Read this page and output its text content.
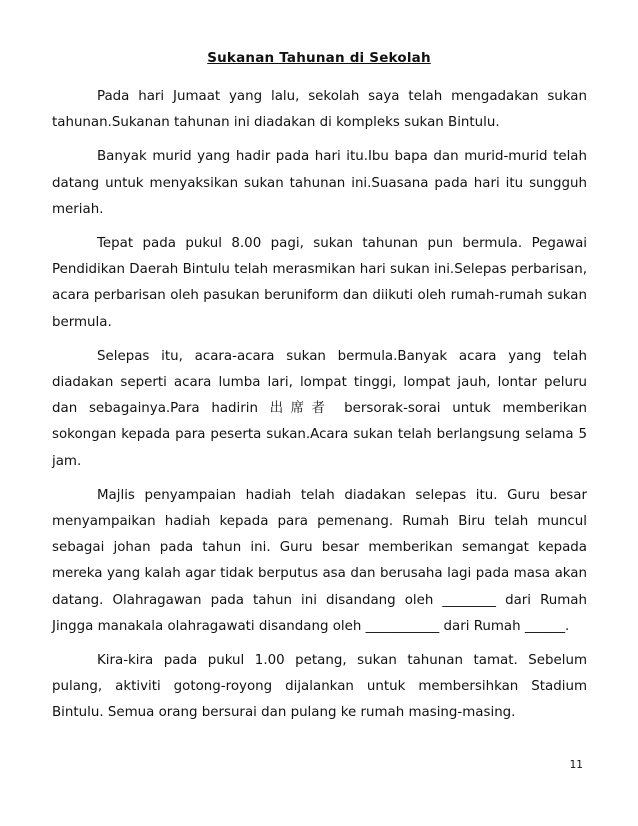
Sukanan Tahunan di Sekolah

Pada hari Jumaat yang lalu, sekolah saya telah mengadakan sukan tahunan.Sukanan tahunan ini diadakan di kompleks sukan Bintulu.

Banyak murid yang hadir pada hari itu.Ibu bapa dan murid-murid telah datang untuk menyaksikan sukan tahunan ini.Suasana pada hari itu sungguh meriah.

Tepat pada pukul 8.00 pagi, sukan tahunan pun bermula. Pegawai Pendidikan Daerah Bintulu telah merasmikan hari sukan ini.Selepas perbarisan, acara perbarisan oleh pasukan beruniform dan diikuti oleh rumah-rumah sukan bermula.

Selepas itu, acara-acara sukan bermula.Banyak acara yang telah diadakan seperti acara lumba lari, lompat tinggi, lompat jauh, lontar peluru dan sebagainya.Para hadirin 出席者 bersorak-sorai untuk memberikan sokongan kepada para peserta sukan.Acara sukan telah berlangsung selama 5 jam.

Majlis penyampaian hadiah telah diadakan selepas itu. Guru besar menyampaikan hadiah kepada para pemenang. Rumah Biru telah muncul sebagai johan pada tahun ini. Guru besar memberikan semangat kepada mereka yang kalah agar tidak berputus asa dan berusaha lagi pada masa akan datang. Olahragawan pada tahun ini disandang oleh ________ dari Rumah Jingga manakala olahragawati disandang oleh ___________ dari Rumah ______.

Kira-kira pada pukul 1.00 petang, sukan tahunan tamat. Sebelum pulang, aktiviti gotong-royong dijalankan untuk membersihkan Stadium Bintulu. Semua orang bersurai dan pulang ke rumah masing-masing.

11
